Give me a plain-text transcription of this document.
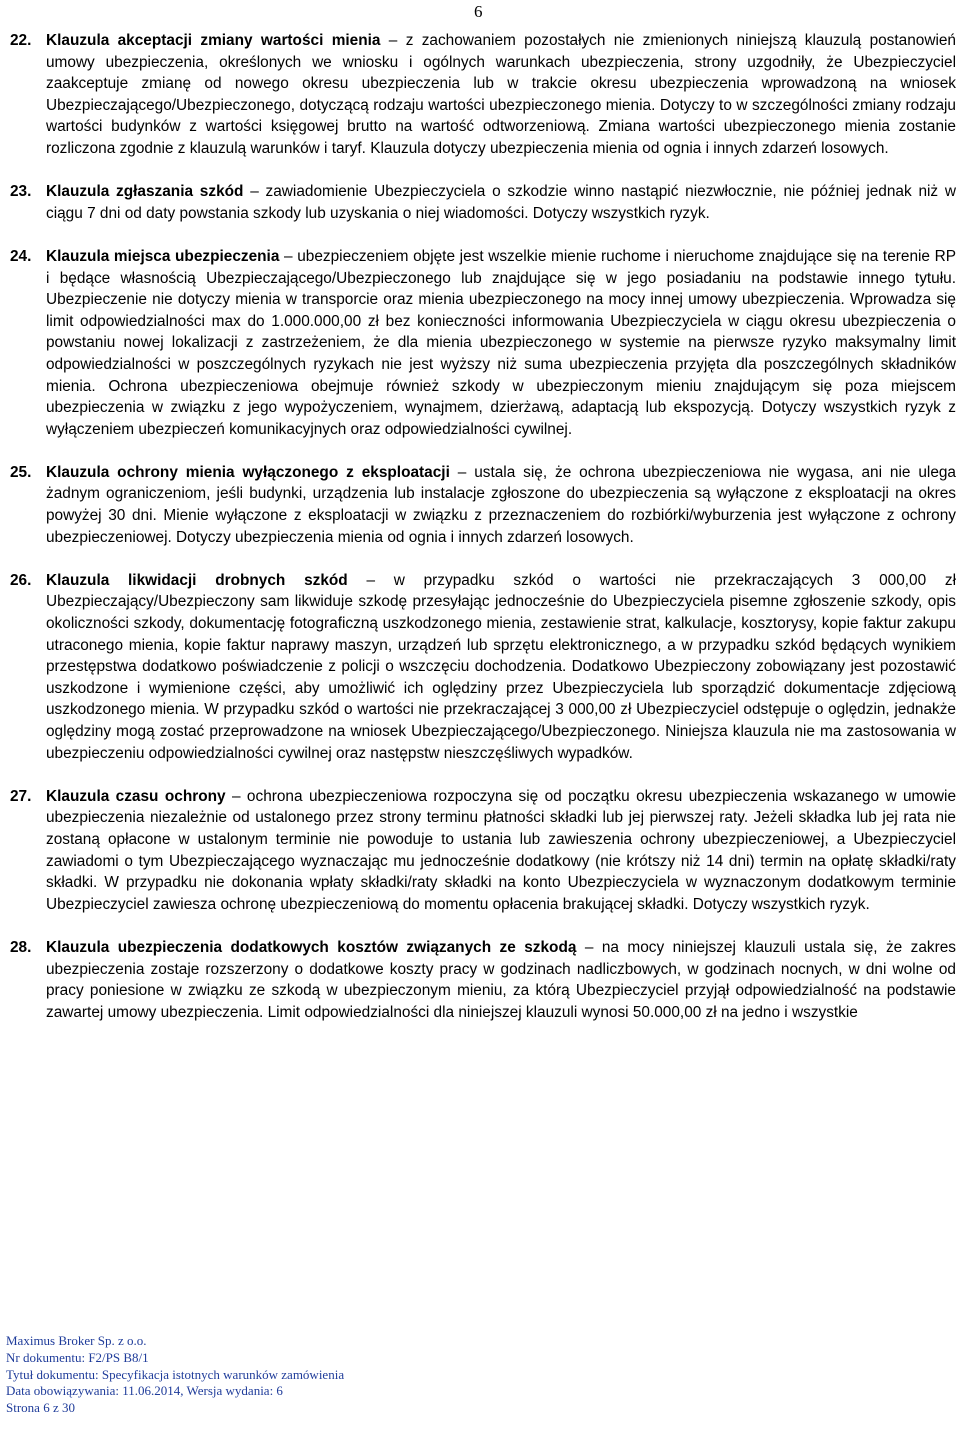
6
22. Klauzula akceptacji zmiany wartości mienia – z zachowaniem pozostałych nie zmienionych niniejszą klauzulą postanowień umowy ubezpieczenia, określonych we wniosku i ogólnych warunkach ubezpieczenia, strony uzgodniły, że Ubezpieczyciel zaakceptuje zmianę od nowego okresu ubezpieczenia lub w trakcie okresu ubezpieczenia wprowadzoną na wniosek Ubezpieczającego/Ubezpieczonego, dotyczącą rodzaju wartości ubezpieczonego mienia. Dotyczy to w szczególności zmiany rodzaju wartości budynków z wartości księgowej brutto na wartość odtworzeniową. Zmiana wartości ubezpieczonego mienia zostanie rozliczona zgodnie z klauzulą warunków i taryf. Klauzula dotyczy ubezpieczenia mienia od ognia i innych zdarzeń losowych.
23. Klauzula zgłaszania szkód – zawiadomienie Ubezpieczyciela o szkodzie winno nastąpić niezwłocznie, nie później jednak niż w ciągu 7 dni od daty powstania szkody lub uzyskania o niej wiadomości. Dotyczy wszystkich ryzyk.
24. Klauzula miejsca ubezpieczenia – ubezpieczeniem objęte jest wszelkie mienie ruchome i nieruchome znajdujące się na terenie RP i będące własnością Ubezpieczającego/Ubezpieczonego lub znajdujące się w jego posiadaniu na podstawie innego tytułu. Ubezpieczenie nie dotyczy mienia w transporcie oraz mienia ubezpieczonego na mocy innej umowy ubezpieczenia. Wprowadza się limit odpowiedzialności max do 1.000.000,00 zł bez konieczności informowania Ubezpieczyciela w ciągu okresu ubezpieczenia o powstaniu nowej lokalizacji z zastrzeżeniem, że dla mienia ubezpieczonego w systemie na pierwsze ryzyko maksymalny limit odpowiedzialności w poszczególnych ryzykach nie jest wyższy niż suma ubezpieczenia przyjęta dla poszczególnych składników mienia. Ochrona ubezpieczeniowa obejmuje również szkody w ubezpieczonym mieniu znajdującym się poza miejscem ubezpieczenia w związku z jego wypożyczeniem, wynajmem, dzierżawą, adaptacją lub ekspozycją. Dotyczy wszystkich ryzyk z wyłączeniem ubezpieczeń komunikacyjnych oraz odpowiedzialności cywilnej.
25. Klauzula ochrony mienia wyłączonego z eksploatacji – ustala się, że ochrona ubezpieczeniowa nie wygasa, ani nie ulega żadnym ograniczeniom, jeśli budynki, urządzenia lub instalacje zgłoszone do ubezpieczenia są wyłączone z eksploatacji na okres powyżej 30 dni. Mienie wyłączone z eksploatacji w związku z przeznaczeniem do rozbiórki/wyburzenia jest wyłączone z ochrony ubezpieczeniowej. Dotyczy ubezpieczenia mienia od ognia i innych zdarzeń losowych.
26. Klauzula likwidacji drobnych szkód – w przypadku szkód o wartości nie przekraczających 3 000,00 zł Ubezpieczający/Ubezpieczony sam likwiduje szkodę przesyłając jednocześnie do Ubezpieczyciela pisemne zgłoszenie szkody, opis okoliczności szkody, dokumentację fotograficzną uszkodzonego mienia, zestawienie strat, kalkulacje, kosztorysy, kopie faktur zakupu utraconego mienia, kopie faktur naprawy maszyn, urządzeń lub sprzętu elektronicznego, a w przypadku szkód będących wynikiem przestępstwa dodatkowo poświadczenie z policji o wszczęciu dochodzenia. Dodatkowo Ubezpieczony zobowiązany jest pozostawić uszkodzone i wymienione części, aby umożliwić ich oględziny przez Ubezpieczyciela lub sporządzić dokumentacje zdjęciową uszkodzonego mienia. W przypadku szkód o wartości nie przekraczającej 3 000,00 zł Ubezpieczyciel odstępuje o oględzin, jednakże oględziny mogą zostać przeprowadzone na wniosek Ubezpieczającego/Ubezpieczonego. Niniejsza klauzula nie ma zastosowania w ubezpieczeniu odpowiedzialności cywilnej oraz następstw nieszczęśliwych wypadków.
27. Klauzula czasu ochrony – ochrona ubezpieczeniowa rozpoczyna się od początku okresu ubezpieczenia wskazanego w umowie ubezpieczenia niezależnie od ustalonego przez strony terminu płatności składki lub jej pierwszej raty. Jeżeli składka lub jej rata nie zostaną opłacone w ustalonym terminie nie powoduje to ustania lub zawieszenia ochrony ubezpieczeniowej, a Ubezpieczyciel zawiadomi o tym Ubezpieczającego wyznaczając mu jednocześnie dodatkowy (nie krótszy niż 14 dni) termin na opłatę składki/raty składki. W przypadku nie dokonania wpłaty składki/raty składki na konto Ubezpieczyciela w wyznaczonym dodatkowym terminie Ubezpieczyciel zawiesza ochronę ubezpieczeniową do momentu opłacenia brakującej składki. Dotyczy wszystkich ryzyk.
28. Klauzula ubezpieczenia dodatkowych kosztów związanych ze szkodą – na mocy niniejszej klauzuli ustala się, że zakres ubezpieczenia zostaje rozszerzony o dodatkowe koszty pracy w godzinach nadliczbowych, w godzinach nocnych, w dni wolne od pracy poniesione w związku ze szkodą w ubezpieczonym mieniu, za którą Ubezpieczyciel przyjął odpowiedzialność na podstawie zawartej umowy ubezpieczenia. Limit odpowiedzialności dla niniejszej klauzuli wynosi 50.000,00 zł na jedno i wszystkie
Maximus Broker Sp. z o.o.
Nr dokumentu: F2/PS B8/1
Tytuł dokumentu: Specyfikacja istotnych warunków zamówienia
Data obowiązywania: 11.06.2014, Wersja wydania: 6
Strona 6 z 30
